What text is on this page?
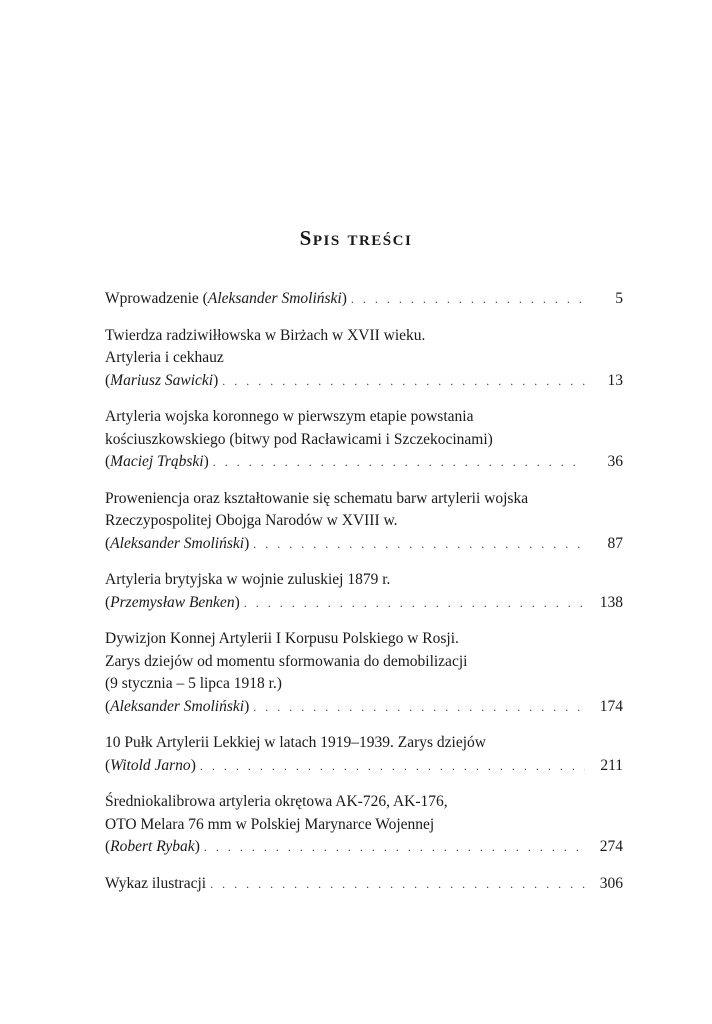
Spis treści
Wprowadzenie (Aleksander Smoliński) . . .	5
Twierdza radziwiłłowska w Birżach w XVII wieku.
Artyleria i cekhauz
(Mariusz Sawicki) . . .	13
Artyleria wojska koronnego w pierwszym etapie powstania
kościuszkowskiego (bitwy pod Racławicami i Szczekocinami)
(Maciej Trąbski) . . .	36
Proweniencja oraz kształtowanie się schematu barw artylerii wojska
Rzeczypospolitej Obojga Narodów w XVIII w.
(Aleksander Smoliński) . . .	87
Artyleria brytyjska w wojnie zuluskiej 1879 r.
(Przemysław Benken) . . .	138
Dywizjon Konnej Artylerii I Korpusu Polskiego w Rosji.
Zarys dziejów od momentu sformowania do demobilizacji
(9 stycznia – 5 lipca 1918 r.)
(Aleksander Smoliński) . . .	174
10 Pułk Artylerii Lekkiej w latach 1919–1939. Zarys dziejów
(Witold Jarno) . . .	211
Średniokalibrowa artyleria okrętowa AK-726, AK-176,
OTO Melara 76 mm w Polskiej Marynarce Wojennej
(Robert Rybak) . . .	274
Wykaz ilustracji . . .	306
